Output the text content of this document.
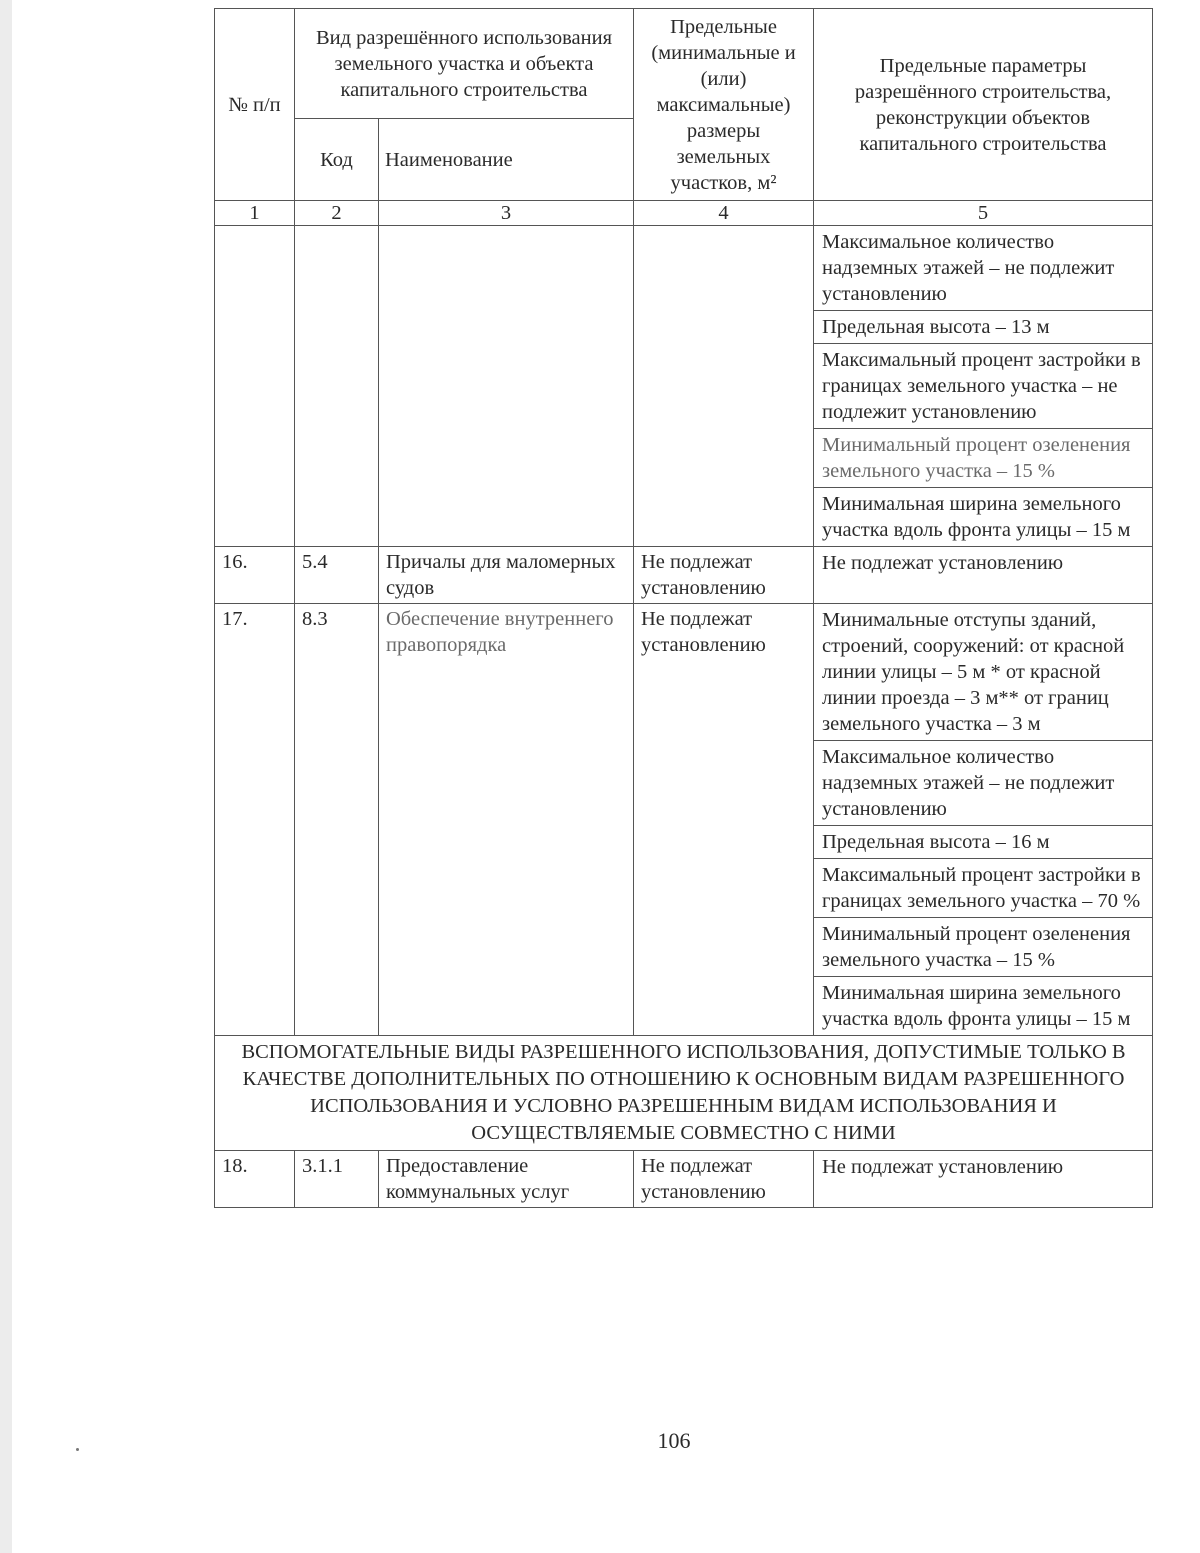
№ п/п	Вид разрешённого использования земельного участка и объекта капитального строительства		Предельные (минимальные и (или) максимальные) размеры земельных участков, м²	Предельные параметры разрешённого строительства, реконструкции объектов капитального строительства
	Код	Наименование		
1	2	3	4	5
				Максимальное количество надземных этажей – не подлежит установлению
				Предельная высота – 13 м
				Максимальный процент застройки в границах земельного участка – не подлежит установлению
				Минимальный процент озеленения земельного участка – 15 %
				Минимальная ширина земельного участка вдоль фронта улицы – 15 м
16.	5.4	Причалы для маломерных судов	Не подлежат установлению	Не подлежат установлению
17.	8.3	Обеспечение внутреннего правопорядка	Не подлежат установлению	Минимальные отступы зданий, строений, сооружений: от красной линии улицы – 5 м * от красной линии проезда – 3 м** от границ земельного участка – 3 м
				Максимальное количество надземных этажей – не подлежит установлению
				Предельная высота – 16 м
				Максимальный процент застройки в границах земельного участка – 70 %
				Минимальный процент озеленения земельного участка – 15 %
				Минимальная ширина земельного участка вдоль фронта улицы – 15 м
ВСПОМОГАТЕЛЬНЫЕ ВИДЫ РАЗРЕШЕННОГО ИСПОЛЬЗОВАНИЯ, ДОПУСТИМЫЕ ТОЛЬКО В КАЧЕСТВЕ ДОПОЛНИТЕЛЬНЫХ ПО ОТНОШЕНИЮ К ОСНОВНЫМ ВИДАМ РАЗРЕШЕННОГО ИСПОЛЬЗОВАНИЯ И УСЛОВНО РАЗРЕШЕННЫМ ВИДАМ ИСПОЛЬЗОВАНИЯ И ОСУЩЕСТВЛЯЕМЫЕ СОВМЕСТНО С НИМИ				
18.	3.1.1	Предоставление коммунальных услуг	Не подлежат установлению	Не подлежат установлению
106
